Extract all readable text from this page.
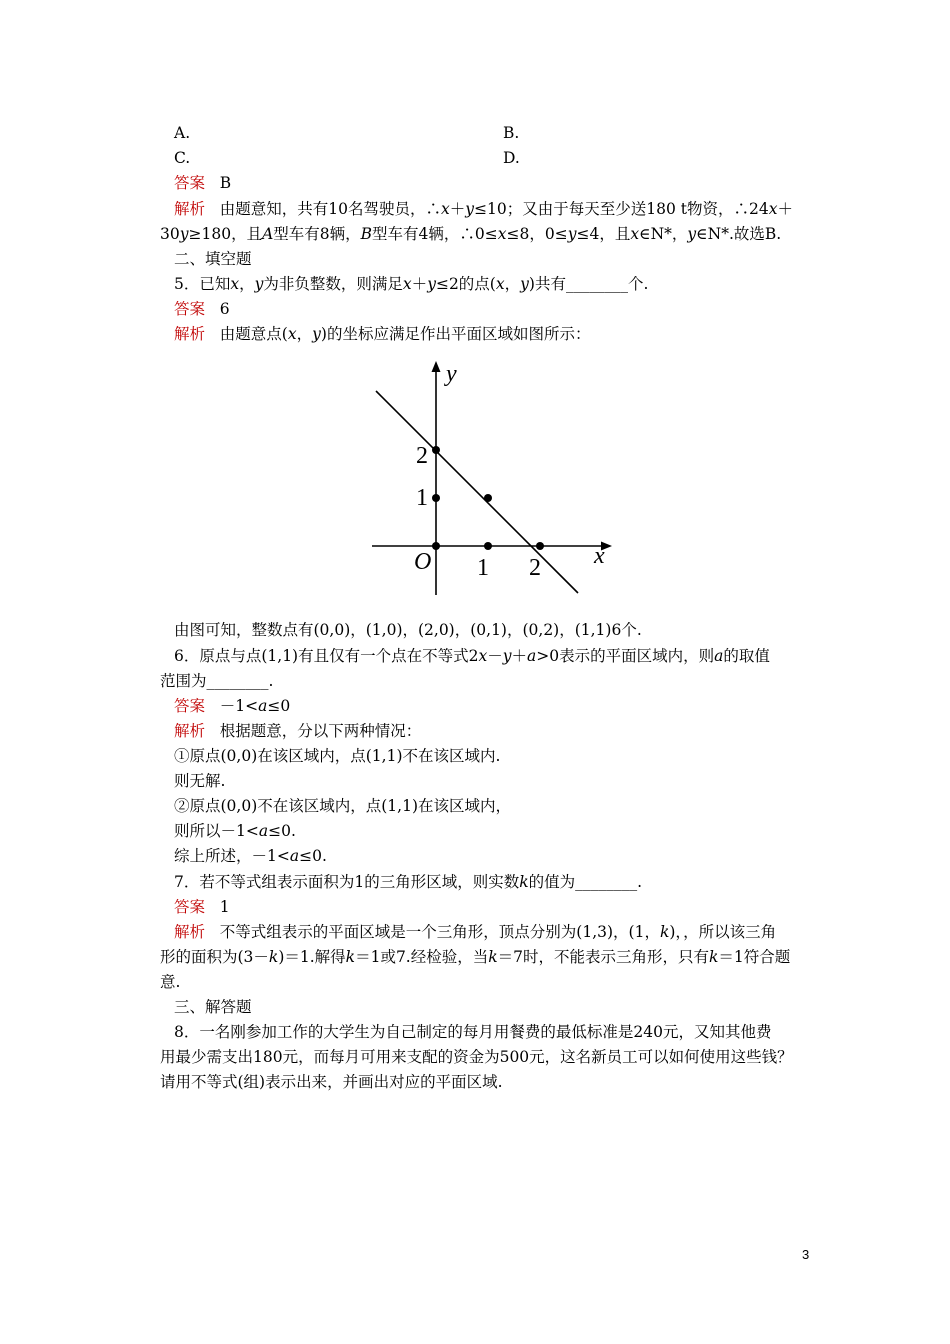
A.	B.
C.	D.
答案 B
解析 由题意知，共有10名驾驶员，∴x＋y≤10；又由于每天至少送180 t物资，∴24x＋
30y≥180，且A型车有8辆，B型车有4辆，∴0≤x≤8，0≤y≤4，且x∈N*，y∈N*.故选B.
二、填空题
5．已知x，y为非负整数，则满足x＋y≤2的点(x，y)共有________个.
答案 6
解析 由题意点(x，y)的坐标应满足作出平面区域如图所示：
y
x
O 1 2
1
2
由图可知，整数点有(0,0)，(1,0)，(2,0)，(0,1)，(0,2)，(1,1)6个.
6．原点与点(1,1)有且仅有一个点在不等式2x－y＋a>0表示的平面区域内，则a的取值
范围为________.
答案 －1<a≤0
解析 根据题意，分以下两种情况：
①原点(0,0)在该区域内，点(1,1)不在该区域内.
则无解.
②原点(0,0)不在该区域内，点(1,1)在该区域内，
则所以－1<a≤0.
综上所述，－1<a≤0.
7．若不等式组表示面积为1的三角形区域，则实数k的值为________.
答案 1
解析 不等式组表示的平面区域是一个三角形，顶点分别为(1,3)，(1，k)，，所以该三角
形的面积为(3－k)＝1.解得k＝1或7.经检验，当k＝7时，不能表示三角形，只有k＝1符合题
意.
三、解答题
8．一名刚参加工作的大学生为自己制定的每月用餐费的最低标准是240元，又知其他费
用最少需支出180元，而每月可用来支配的资金为500元，这名新员工可以如何使用这些钱？
请用不等式(组)表示出来，并画出对应的平面区域.
3
